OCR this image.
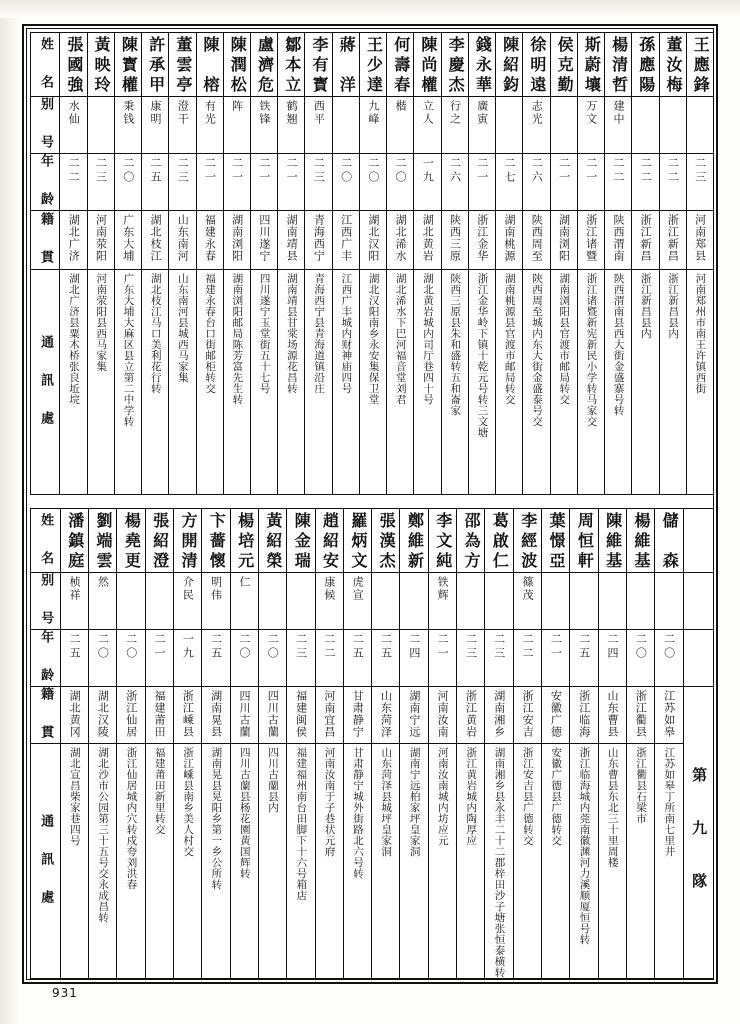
姓 名	張國強	黃映玲	陳寳權	許承甲	董雲亭	陳　榕	陳潤松	盧濟危	鄒本立	李有寳	蔣　洋	王少達	何壽春	陳尚權	李慶杰	錢永華	陳紹鈞	徐明遠	侯克勤	斯蔚壤	楊清哲	孫應陽	董汝梅	王應鋒

别 号	水仙		秉钱	康明	澄干	有光	阵	铁锋	鹤翘	西平		九峰	楷	立人	行之	廣寅		志光		万文	建中			

年 龄	二二	二三	二〇	二五	二三	二一	二一	二一	二一	二三	二〇	二〇	二〇	一九	二六	二一	二七	二六	二一	二一	二二	二二	二二	二三

籍 貫	湖北广济	河南荥阳	广东大埔	湖北枝江	山东南河	福建永春	湖南浏阳	四川遂宁	湖南靖县	青海西宁	江西广丰	湖北汉阳	湖北浠水	湖北黄岩	陕西三原	浙江金华	湖南桃源	陕西周至	湖南浏阳	浙江诸暨	陕西渭南	浙江新昌	浙江新昌	河南郑县

通 訊 處	湖北广济县粟木桥张良坵垸	河南荥阳县西马家集	广东大埔大麻区县立第二中学转	湖北枝江马口美利花行转	山东南河县城西马家集	福建永春台口街邮柜转交	湖南浏阳邮局陈芳富先生转	四川遂宁玉堂街五十七号	湖南靖县甘棠场源花昌转	青海西宁县青海道镇沿庄	江西广丰城内财神庙四号	湖北汉阳南乡永安集保卫堂	湖北浠水下巴河福音堂刘君	湖北黄岩城内司厅巷四十号	陕西三原县朱和盛转五和崙家	浙江金华岭下镇十乾元号转三文塘	湖南桃源县官渡市邮局转交	陕西周至城内东大街金盛泰号交	湖南浏阳县官渡市邮局转交	浙江诸暨新宪新民小学转马家交	陕西渭南县西大街金盛寨号转	浙江新昌县内	浙江新昌县内	河南郑州市南王许镇西街
姓 名	潘鎮庭	劉端雲	楊堯更	張紹澄	方開清	卞薔懷	楊培元	黃紹榮	陳金瑞	趙紹安	羅炳文	張漢杰	鄭維新	李文純	邵為方	葛啟仁	李經波	葉憬亞	周恒軒	陳維基	楊維基	儲　森	

别 号	桢祥	然			介民	明伟	仁			康候	虎宣			铁辉			篠茂						

年 龄	二五	二〇	二〇	二一	一九	二五	二〇	二〇	二三	二二	二五	二五	二四	二一	二三	二三	二二	二一	二五	二四	二〇	二〇	

籍 貫	湖北黄冈	湖北汉陵	浙江仙居	福建莆田	浙江嵊县	湖南晃县	四川古蘭	四川古蘭	福建闽侯	河南宜昌	甘肃静宁	山东菏泽	湖南宁远	河南汝南	浙江黄岩	湖南湘乡	浙江安吉	安徽广德	浙江临海	山东曹县	浙江衢县	江苏如皋	第 九 隊

通 訊 處	湖北宣昌柴家巷四号	湖北沙市公园第三十五号交永成昌转	浙江仙居城内穴转戍夸刘洪春	福建莆田新里转交	浙江嵊县南乡美人村交	湖南晃县晃阳乡第一乡公所转	四川古蘭县杨花園黄国辉转	四川古蘭县内	福建福州南台田脚下十六号箱店	河南汝南于子巷状元府	甘肃静宁城外街路北六号转	山东菏泽县城坪皇家洞	湖南宁远柏家坪皇家洞	河南汝南城内坊应元	浙江黄岩城内陶厚应	湖南湘乡县永丰二十二郡梓田沙子塘张恒泰横转	浙江安吉县广德转交	安徽广德县广德转交	浙江临海城内莞南徽渊河力溪顺厦恒号转	山东曹县东北三十里周楼	浙江衢县石梁市	江苏如皋丁所南七里井	
931
